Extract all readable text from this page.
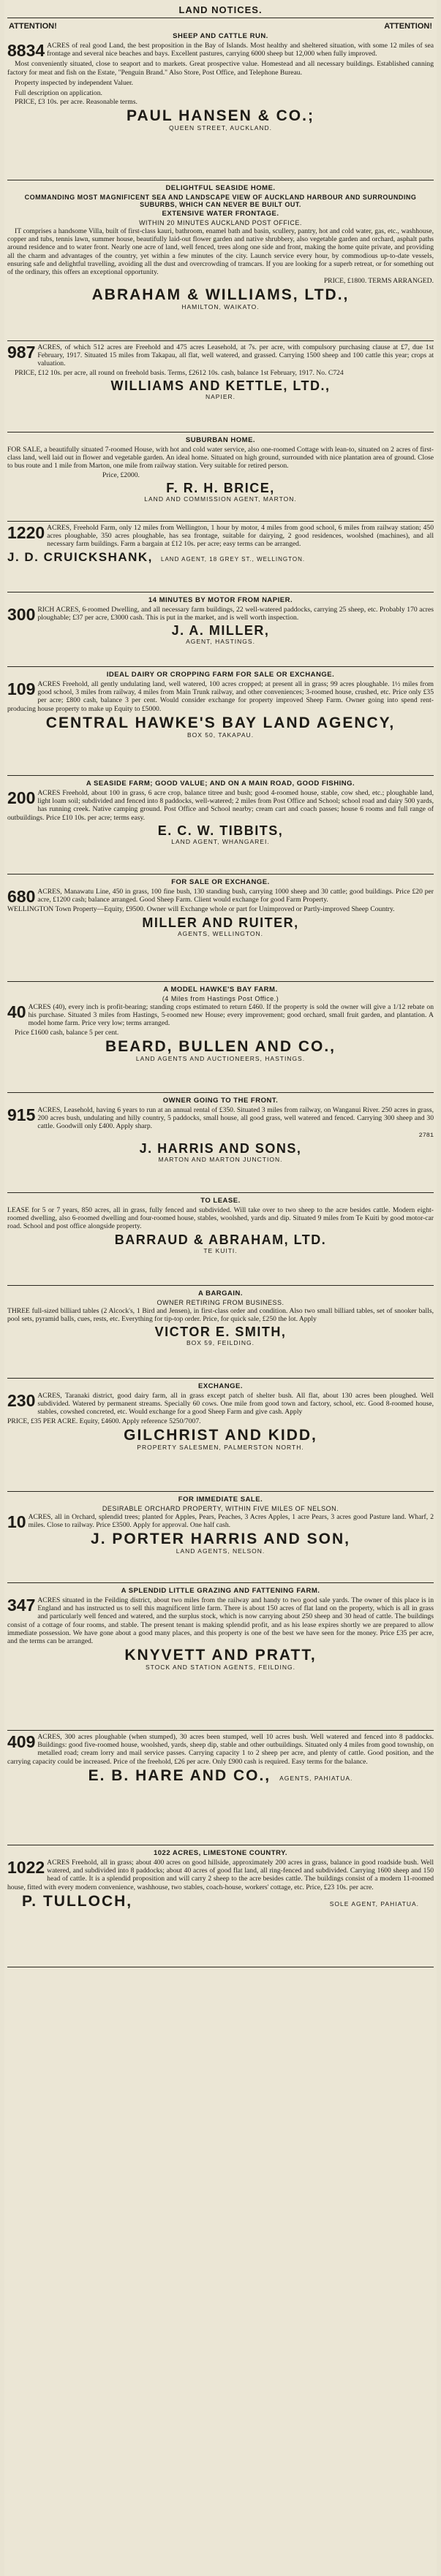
LAND NOTICES.
ATTENTION!	ATTENTION!
SHEEP AND CATTLE RUN.

8834 ACRES of real good Land, the best proposition in the Bay of Islands. Most healthy and sheltered situation, with some 12 miles of sea frontage and several nice beaches and bays. Excellent pastures, carrying 6000 sheep but 12,000 when fully improved.

Most conveniently situated, close to seaport and to markets. Great prospective value. Homestead and all necessary buildings. Established canning factory for meat and fish on the Estate, "Penguin Brand." Also Store, Post Office, and Telephone Bureau.

Property inspected by independent Valuer.

Full description on application.

PRICE, £3 10s. per acre. Reasonable terms.

PAUL HANSEN & CO.;
QUEEN STREET, AUCKLAND.
DELIGHTFUL SEASIDE HOME.
COMMANDING MOST MAGNIFICENT SEA AND LANDSCAPE VIEW OF AUCKLAND HARBOUR AND SURROUNDING SUBURBS, WHICH CAN NEVER BE BUILT OUT.
EXTENSIVE WATER FRONTAGE.
WITHIN 20 MINUTES AUCKLAND POST OFFICE.

IT comprises a handsome Villa, built of first-class kauri, bathroom, enamel bath and basin, scullery, pantry, hot and cold water, gas, etc., washhouse, copper and tubs, tennis lawn, summer house, beautifully laid-out flower garden and native shrubbery, also vegetable garden and orchard, asphalt paths around residence and to water front. Nearly one acre of land, well fenced, trees along one side and front, making the home quite private, and providing all the charm and advantages of the country, yet within a few minutes of the city. Launch service every hour, by commodious up-to-date vessels, ensuring safe and delightful travelling, avoiding all the dust and overcrowding of tramcars. If you are looking for a superb retreat, or for something out of the ordinary, this offers an exceptional opportunity.

PRICE, £1800. TERMS ARRANGED.

ABRAHAM & WILLIAMS, LTD.,
HAMILTON, WAIKATO.

987 ACRES, of which 512 acres are Freehold and 475 acres Leasehold, at 7s. per acre, with compulsory purchasing clause at £7, due 1st February, 1917. Situated 15 miles from Takapau, all flat, well watered, and grassed. Carrying 1500 sheep and 100 cattle this year; crops at valuation.

PRICE, £12 10s. per acre, all round on freehold basis. Terms, £2612 10s. cash, balance 1st February, 1917. No. C724

WILLIAMS AND KETTLE, LTD.,
NAPIER.
SUBURBAN HOME.

FOR SALE, a beautifully situated 7-roomed House, with hot and cold water service, also one-roomed Cottage with lean-to, situated on 2 acres of first-class land, well laid out in flower and vegetable garden. An ideal home. Situated on high ground, surrounded with nice plantation area of ground. Close to bus route and 1 mile from Marton, one mile from railway station. Very suitable for retired person.

Price, £2000.

F. R. H. BRICE,
LAND AND COMMISSION AGENT, MARTON.

1220 ACRES, Freehold Farm, only 12 miles from Wellington, 1 hour by motor, 4 miles from good school, 6 miles from railway station; 450 acres ploughable, 350 acres ploughable, has sea frontage, suitable for dairying, 2 good residences, woolshed (machines), and all necessary farm buildings. Farm a bargain at £12 10s. per acre; easy terms can be arranged.

J. D. CRUICKSHANK, LAND AGENT, 18 GREY ST., WELLINGTON.
14 MINUTES BY MOTOR FROM NAPIER.

300 RICH ACRES, 6-roomed Dwelling, and all necessary farm buildings, 22 well-watered paddocks, carrying 25 sheep, etc. Probably 170 acres ploughable; £37 per acre, £3000 cash. This is put in the market, and is well worth inspection.

J. A. MILLER,
AGENT, HASTINGS.
IDEAL DAIRY OR CROPPING FARM FOR SALE OR EXCHANGE.

109 ACRES Freehold, all gently undulating land, well watered, 100 acres cropped; at present all in grass; 99 acres ploughable. 1½ miles from good school, 3 miles from railway, 4 miles from Main Trunk railway, and other conveniences; 3-roomed house, crushed, etc. Price only £35 per acre; £800 cash, balance 3 per cent. Would consider exchange for property improved Sheep Farm. Owner going into spend rent-producing house property to make up Equity to £5000.

CENTRAL HAWKE'S BAY LAND AGENCY,
BOX 50, TAKAPAU.
A SEASIDE FARM; GOOD VALUE; AND ON A MAIN ROAD, GOOD FISHING.

200 ACRES Freehold, about 100 in grass, 6 acre crop, balance titree and bush; good 4-roomed house, stable, cow shed, etc.; ploughable land, light loam soil; subdivided and fenced into 8 paddocks, well-watered; 2 miles from Post Office and School; school road and dairy 500 yards, has running creek. Native camping ground. Post Office and School nearby; cream cart and coach passes; house 6 rooms and full range of outbuildings. Price £10 10s. per acre; terms easy.

E. C. W. TIBBITS,
LAND AGENT, WHANGAREI.
FOR SALE OR EXCHANGE.

680 ACRES, Manawatu Line, 450 in grass, 100 fine bush, 130 standing bush, carrying 1000 sheep and 30 cattle; good buildings. Price £20 per acre, £1200 cash; balance arranged. Good Sheep Farm. Client would exchange for good Farm Property.

WELLINGTON Town Property—Equity, £9500. Owner will Exchange whole or part for Unimproved or Partly-improved Sheep Country.

MILLER AND RUITER,
AGENTS, WELLINGTON.
A MODEL HAWKE'S BAY FARM.
(4 Miles from Hastings Post Office.)

40 ACRES (40), every inch is profit-bearing; standing crops estimated to return £460. If the property is sold the owner will give a 1/12 rebate on his purchase. Situated 3 miles from Hastings, 5-roomed new House; every improvement; good orchard, small fruit garden, and plantation. A model home farm. Price very low; terms arranged.

Price £1600 cash, balance 5 per cent.

BEARD, BULLEN AND CO.,
LAND AGENTS AND AUCTIONEERS, HASTINGS.
OWNER GOING TO THE FRONT.

915 ACRES, Leasehold, having 6 years to run at an annual rental of £350. Situated 3 miles from railway, on Wanganui River. 250 acres in grass, 200 acres bush, undulating and hilly country, 5 paddocks, small house, all good grass, well watered and fenced. Carrying 300 sheep and 30 cattle. Goodwill only £400. Apply sharp.

2781

J. HARRIS AND SONS,
MARTON AND MARTON JUNCTION.
TO LEASE.

LEASE for 5 or 7 years, 850 acres, all in grass, fully fenced and subdivided. Will take over to two sheep to the acre besides cattle. Modern eight-roomed dwelling, also 6-roomed dwelling and four-roomed house, stables, woolshed, yards and dip. Situated 9 miles from Te Kuiti by good motor-car road. School and post office alongside property.

BARRAUD & ABRAHAM, LTD.
TE KUITI.
A BARGAIN.
OWNER RETIRING FROM BUSINESS.

THREE full-sized billiard tables (2 Alcock's, 1 Bird and Jensen), in first-class order and condition. Also two small billiard tables, set of snooker balls, pool sets, pyramid balls, cues, rests, etc. Everything for tip-top order. Price, for quick sale, £250 the lot. Apply

VICTOR E. SMITH,
BOX 59, FEILDING.
EXCHANGE.

230 ACRES, Taranaki district, good dairy farm, all in grass except patch of shelter bush. All flat, about 130 acres been ploughed. Well subdivided. Watered by permanent streams. Specially 60 cows. One mile from good town and factory, school, etc. Good 8-roomed house, stables, cowshed concreted, etc. Would exchange for a good Sheep Farm and give cash. Apply

PRICE, £35 PER ACRE. Equity, £4600. Apply reference 5250/7007.

GILCHRIST AND KIDD,
PROPERTY SALESMEN, PALMERSTON NORTH.
FOR IMMEDIATE SALE.
DESIRABLE ORCHARD PROPERTY, WITHIN FIVE MILES OF NELSON.

10 ACRES, all in Orchard, splendid trees; planted for Apples, Pears, Peaches, 3 Acres Apples, 1 acre Pears, 3 acres good Pasture land. Wharf, 2 miles. Close to railway. Price £3500. Apply for approval. One half cash.

J. PORTER HARRIS AND SON,
LAND AGENTS, NELSON.
A SPLENDID LITTLE GRAZING AND FATTENING FARM.

347 ACRES situated in the Feilding district, about two miles from the railway and handy to two good sale yards. The owner of this place is in England and has instructed us to sell this magnificent little farm. There is about 150 acres of flat land on the property, which is all in grass and particularly well fenced and watered, and the surplus stock, which is now carrying about 250 sheep and 30 head of cattle. The buildings consist of a cottage of four rooms, and stable. The present tenant is making splendid profit, and as his lease expires shortly we are prepared to allow immediate possession. We have gone about a good many places, and this property is one of the best we have seen for the money. Price £35 per acre, and the terms can be arranged.

KNYVETT AND PRATT,
STOCK AND STATION AGENTS, FEILDING.

409 ACRES, 300 acres ploughable (when stumped), 30 acres been stumped, well 10 acres bush. Well watered and fenced into 8 paddocks. Buildings: good five-roomed house, woolshed, yards, sheep dip, stable and other outbuildings. Situated only 4 miles from good township, on metalled road; cream lorry and mail service passes. Carrying capacity 1 to 2 sheep per acre, and plenty of cattle. Good position, and the carrying capacity could be increased. Price of the freehold, £26 per acre. Only £900 cash is required. Easy terms for the balance.

E. B. HARE AND CO., AGENTS, PAHIATUA.
1022 ACRES, LIMESTONE COUNTRY.

1022 ACRES Freehold, all in grass; about 400 acres on good hillside, approximately 200 acres in grass, balance in good roadside bush. Well watered, and subdivided into 8 paddocks; about 40 acres of good flat land, all ring-fenced and subdivided. Carrying 1600 sheep and 150 head of cattle. It is a splendid proposition and will carry 2 sheep to the acre besides cattle. The buildings consist of a modern 11-roomed house, fitted with every modern convenience, washhouse, two stables, coach-house, workers' cottage, etc. Price, £23 10s. per acre.

P. TULLOCH,	SOLE AGENT, PAHIATUA.
